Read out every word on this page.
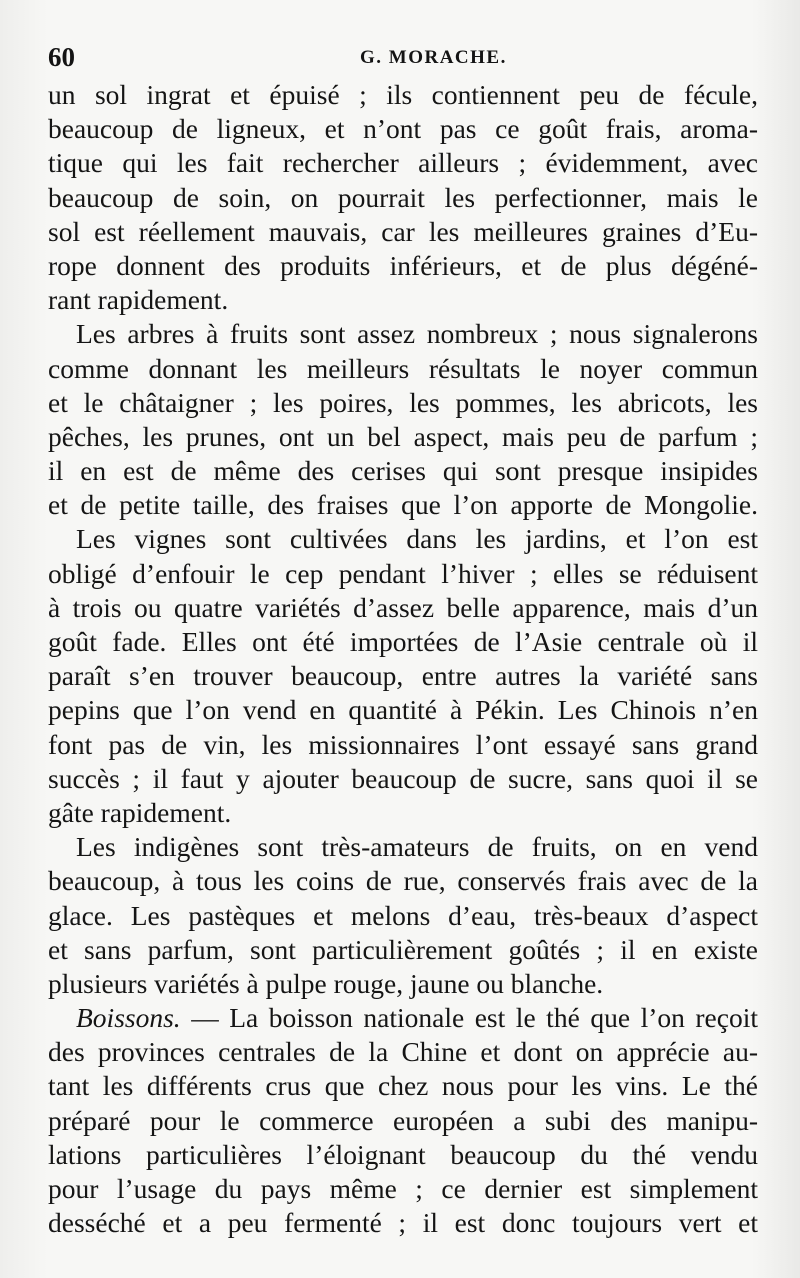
60	G. MORACHE.
un sol ingrat et épuisé ; ils contiennent peu de fécule,
beaucoup de ligneux, et n’ont pas ce goût frais, aroma-
tique qui les fait rechercher ailleurs ; évidemment, avec
beaucoup de soin, on pourrait les perfectionner, mais le
sol est réellement mauvais, car les meilleures graines d’Eu-
rope donnent des produits inférieurs, et de plus dégéné-
rant rapidement.
Les arbres à fruits sont assez nombreux ; nous signalerons
comme donnant les meilleurs résultats le noyer commun
et le châtaigner ; les poires, les pommes, les abricots, les
pêches, les prunes, ont un bel aspect, mais peu de parfum ;
il en est de même des cerises qui sont presque insipides
et de petite taille, des fraises que l’on apporte de Mongolie.
Les vignes sont cultivées dans les jardins, et l’on est
obligé d’enfouir le cep pendant l’hiver ; elles se réduisent
à trois ou quatre variétés d’assez belle apparence, mais d’un
goût fade. Elles ont été importées de l’Asie centrale où il
paraît s’en trouver beaucoup, entre autres la variété sans
pepins que l’on vend en quantité à Pékin. Les Chinois n’en
font pas de vin, les missionnaires l’ont essayé sans grand
succès ; il faut y ajouter beaucoup de sucre, sans quoi il se
gâte rapidement.
Les indigènes sont très-amateurs de fruits, on en vend
beaucoup, à tous les coins de rue, conservés frais avec de la
glace. Les pastèques et melons d’eau, très-beaux d’aspect
et sans parfum, sont particulièrement goûtés ; il en existe
plusieurs variétés à pulpe rouge, jaune ou blanche.
Boissons. — La boisson nationale est le thé que l’on reçoit
des provinces centrales de la Chine et dont on apprécie au-
tant les différents crus que chez nous pour les vins. Le thé
préparé pour le commerce européen a subi des manipu-
lations particulières l’éloignant beaucoup du thé vendu
pour l’usage du pays même ; ce dernier est simplement
desséché et a peu fermenté ; il est donc toujours vert et
